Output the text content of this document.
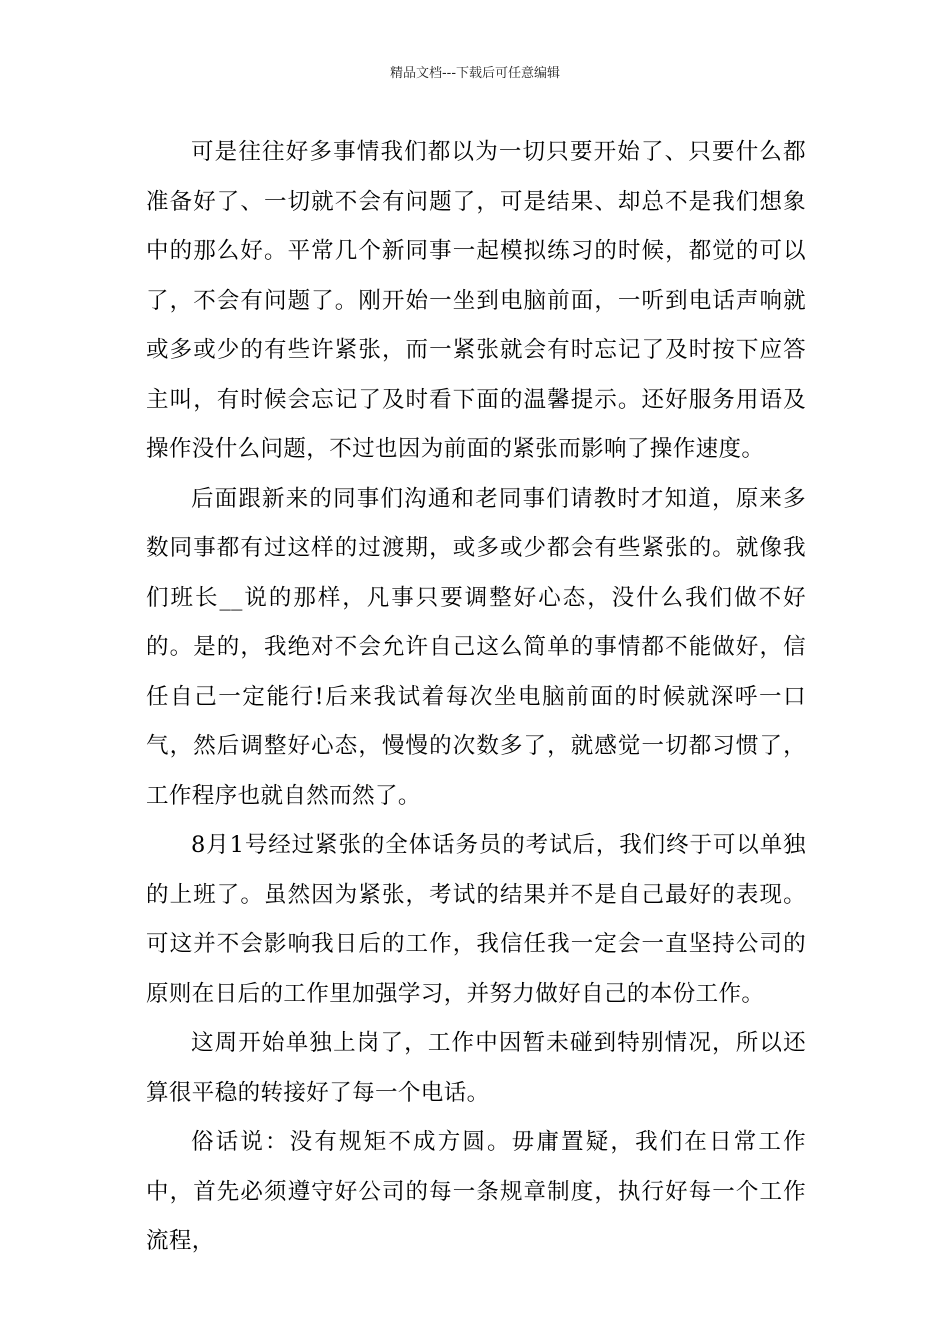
精品文档---下载后可任意编辑

可是往往好多事情我们都以为一切只要开始了、只要什么都准备好了、一切就不会有问题了，可是结果、却总不是我们想象中的那么好。平常几个新同事一起模拟练习的时候，都觉的可以了，不会有问题了。刚开始一坐到电脑前面，一听到电话声响就或多或少的有些许紧张，而一紧张就会有时忘记了及时按下应答主叫，有时候会忘记了及时看下面的温馨提示。还好服务用语及操作没什么问题，不过也因为前面的紧张而影响了操作速度。

后面跟新来的同事们沟通和老同事们请教时才知道，原来多数同事都有过这样的过渡期，或多或少都会有些紧张的。就像我们班长__说的那样，凡事只要调整好心态，没什么我们做不好的。是的，我绝对不会允许自己这么简单的事情都不能做好，信任自己一定能行!后来我试着每次坐电脑前面的时候就深呼一口气，然后调整好心态，慢慢的次数多了，就感觉一切都习惯了，工作程序也就自然而然了。

8月1号经过紧张的全体话务员的考试后，我们终于可以单独的上班了。虽然因为紧张，考试的结果并不是自己最好的表现。可这并不会影响我日后的工作，我信任我一定会一直坚持公司的原则在日后的工作里加强学习，并努力做好自己的本份工作。

这周开始单独上岗了，工作中因暂未碰到特别情况，所以还算很平稳的转接好了每一个电话。

俗话说：没有规矩不成方圆。毋庸置疑，我们在日常工作中，首先必须遵守好公司的每一条规章制度，执行好每一个工作流程，
